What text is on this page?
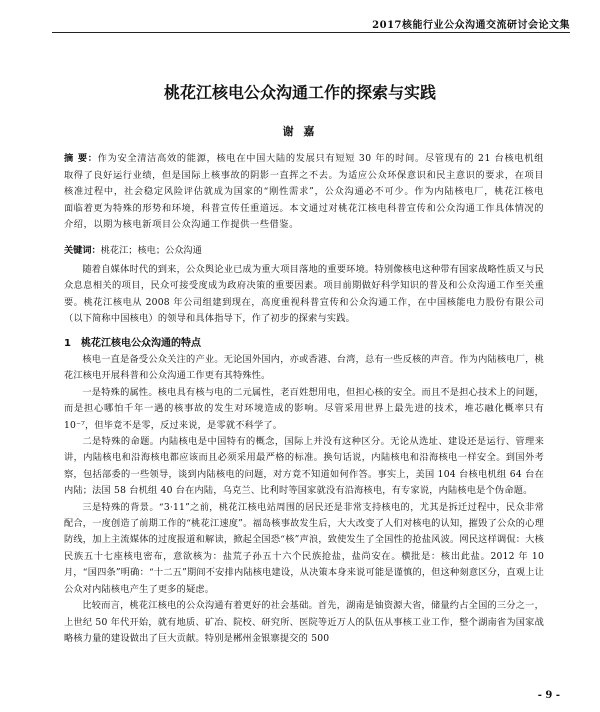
2017核能行业公众沟通交流研讨会论文集
桃花江核电公众沟通工作的探索与实践
谢 嘉
摘 要：作为安全清洁高效的能源，核电在中国大陆的发展只有短短 30 年的时间。尽管现有的 21 台核电机组取得了良好运行业绩，但是国际上核事故的阴影一直挥之不去。为适应公众环保意识和民主意识的要求，在项目核准过程中，社会稳定风险评估就成为国家的“刚性需求”，公众沟通必不可少。作为内陆核电厂，桃花江核电面临着更为特殊的形势和环境，科普宣传任重道远。本文通过对桃花江核电科普宣传和公众沟通工作具体情况的介绍，以期为核电新项目公众沟通工作提供一些借鉴。
关键词：桃花江；核电；公众沟通

随着自媒体时代的到来，公众舆论业已成为重大项目落地的重要环境。特别像核电这种带有国家战略性质又与民众息息相关的项目，民众可接受度成为政府决策的重要因素。项目前期做好科学知识的普及和公众沟通工作至关重要。桃花江核电从 2008 年公司组建到现在，高度重视科普宣传和公众沟通工作，在中国核能电力股份有限公司（以下简称中国核电）的领导和具体指导下，作了初步的探索与实践。

1　桃花江核电公众沟通的特点

核电一直是备受公众关注的产业。无论国外国内，亦或香港、台湾，总有一些反核的声音。作为内陆核电厂，桃花江核电开展科普和公众沟通工作更有其特殊性。

一是特殊的属性。核电具有核与电的二元属性，老百姓想用电，但担心核的安全。而且不是担心技术上的问题，而是担心哪怕千年一遇的核事故的发生对环境造成的影响。尽管采用世界上最先进的技术，堆芯融化概率只有 10⁻⁷，但毕竟不是零，反过来说，是零就不科学了。

二是特殊的命题。内陆核电是中国特有的概念，国际上并没有这种区分。无论从选址、建设还是运行、管理来讲，内陆核电和沿海核电都应该而且必须采用最严格的标准。换句话说，内陆核电和沿海核电一样安全。到国外考察，包括部委的一些领导，谈到内陆核电的问题，对方竟不知道如何作答。事实上，美国 104 台核电机组 64 台在内陆；法国 58 台机组 40 台在内陆，乌克兰、比利时等国家就没有沿海核电，有专家说，内陆核电是个伪命题。

三是特殊的背景。“3·11”之前，桃花江核电站周围的居民还是非常支持核电的，尤其是拆迁过程中，民众非常配合，一度创造了前期工作的“桃花江速度”。福岛核事故发生后，大大改变了人们对核电的认知，摧毁了公众的心理防线，加上主流媒体的过度报道和解读，掀起全国恐“核”声浪，致使发生了全国性的抢盐风波。网民这样调侃：大核民族五十七座核电密布，意欲核为：盐荒子孙五十六个民族抢盐，盐尚安在。横批是：核出此盐。2012 年 10 月，“国四条”明确：“十二五”期间不安排内陆核电建设，从决策本身来说可能是谨慎的，但这种刻意区分，直观上让公众对内陆核电产生了更多的疑虑。

比较而言，桃花江核电的公众沟通有着更好的社会基础。首先，湖南是铀资源大省，储量约占全国的三分之一，上世纪 50 年代开始，就有地质、矿冶、院校、研究所、医院等近万人的队伍从事核工业工作，整个湖南省为国家战略核力量的建设做出了巨大贡献。特别是郴州金银寨提交的 500

- 9 -
